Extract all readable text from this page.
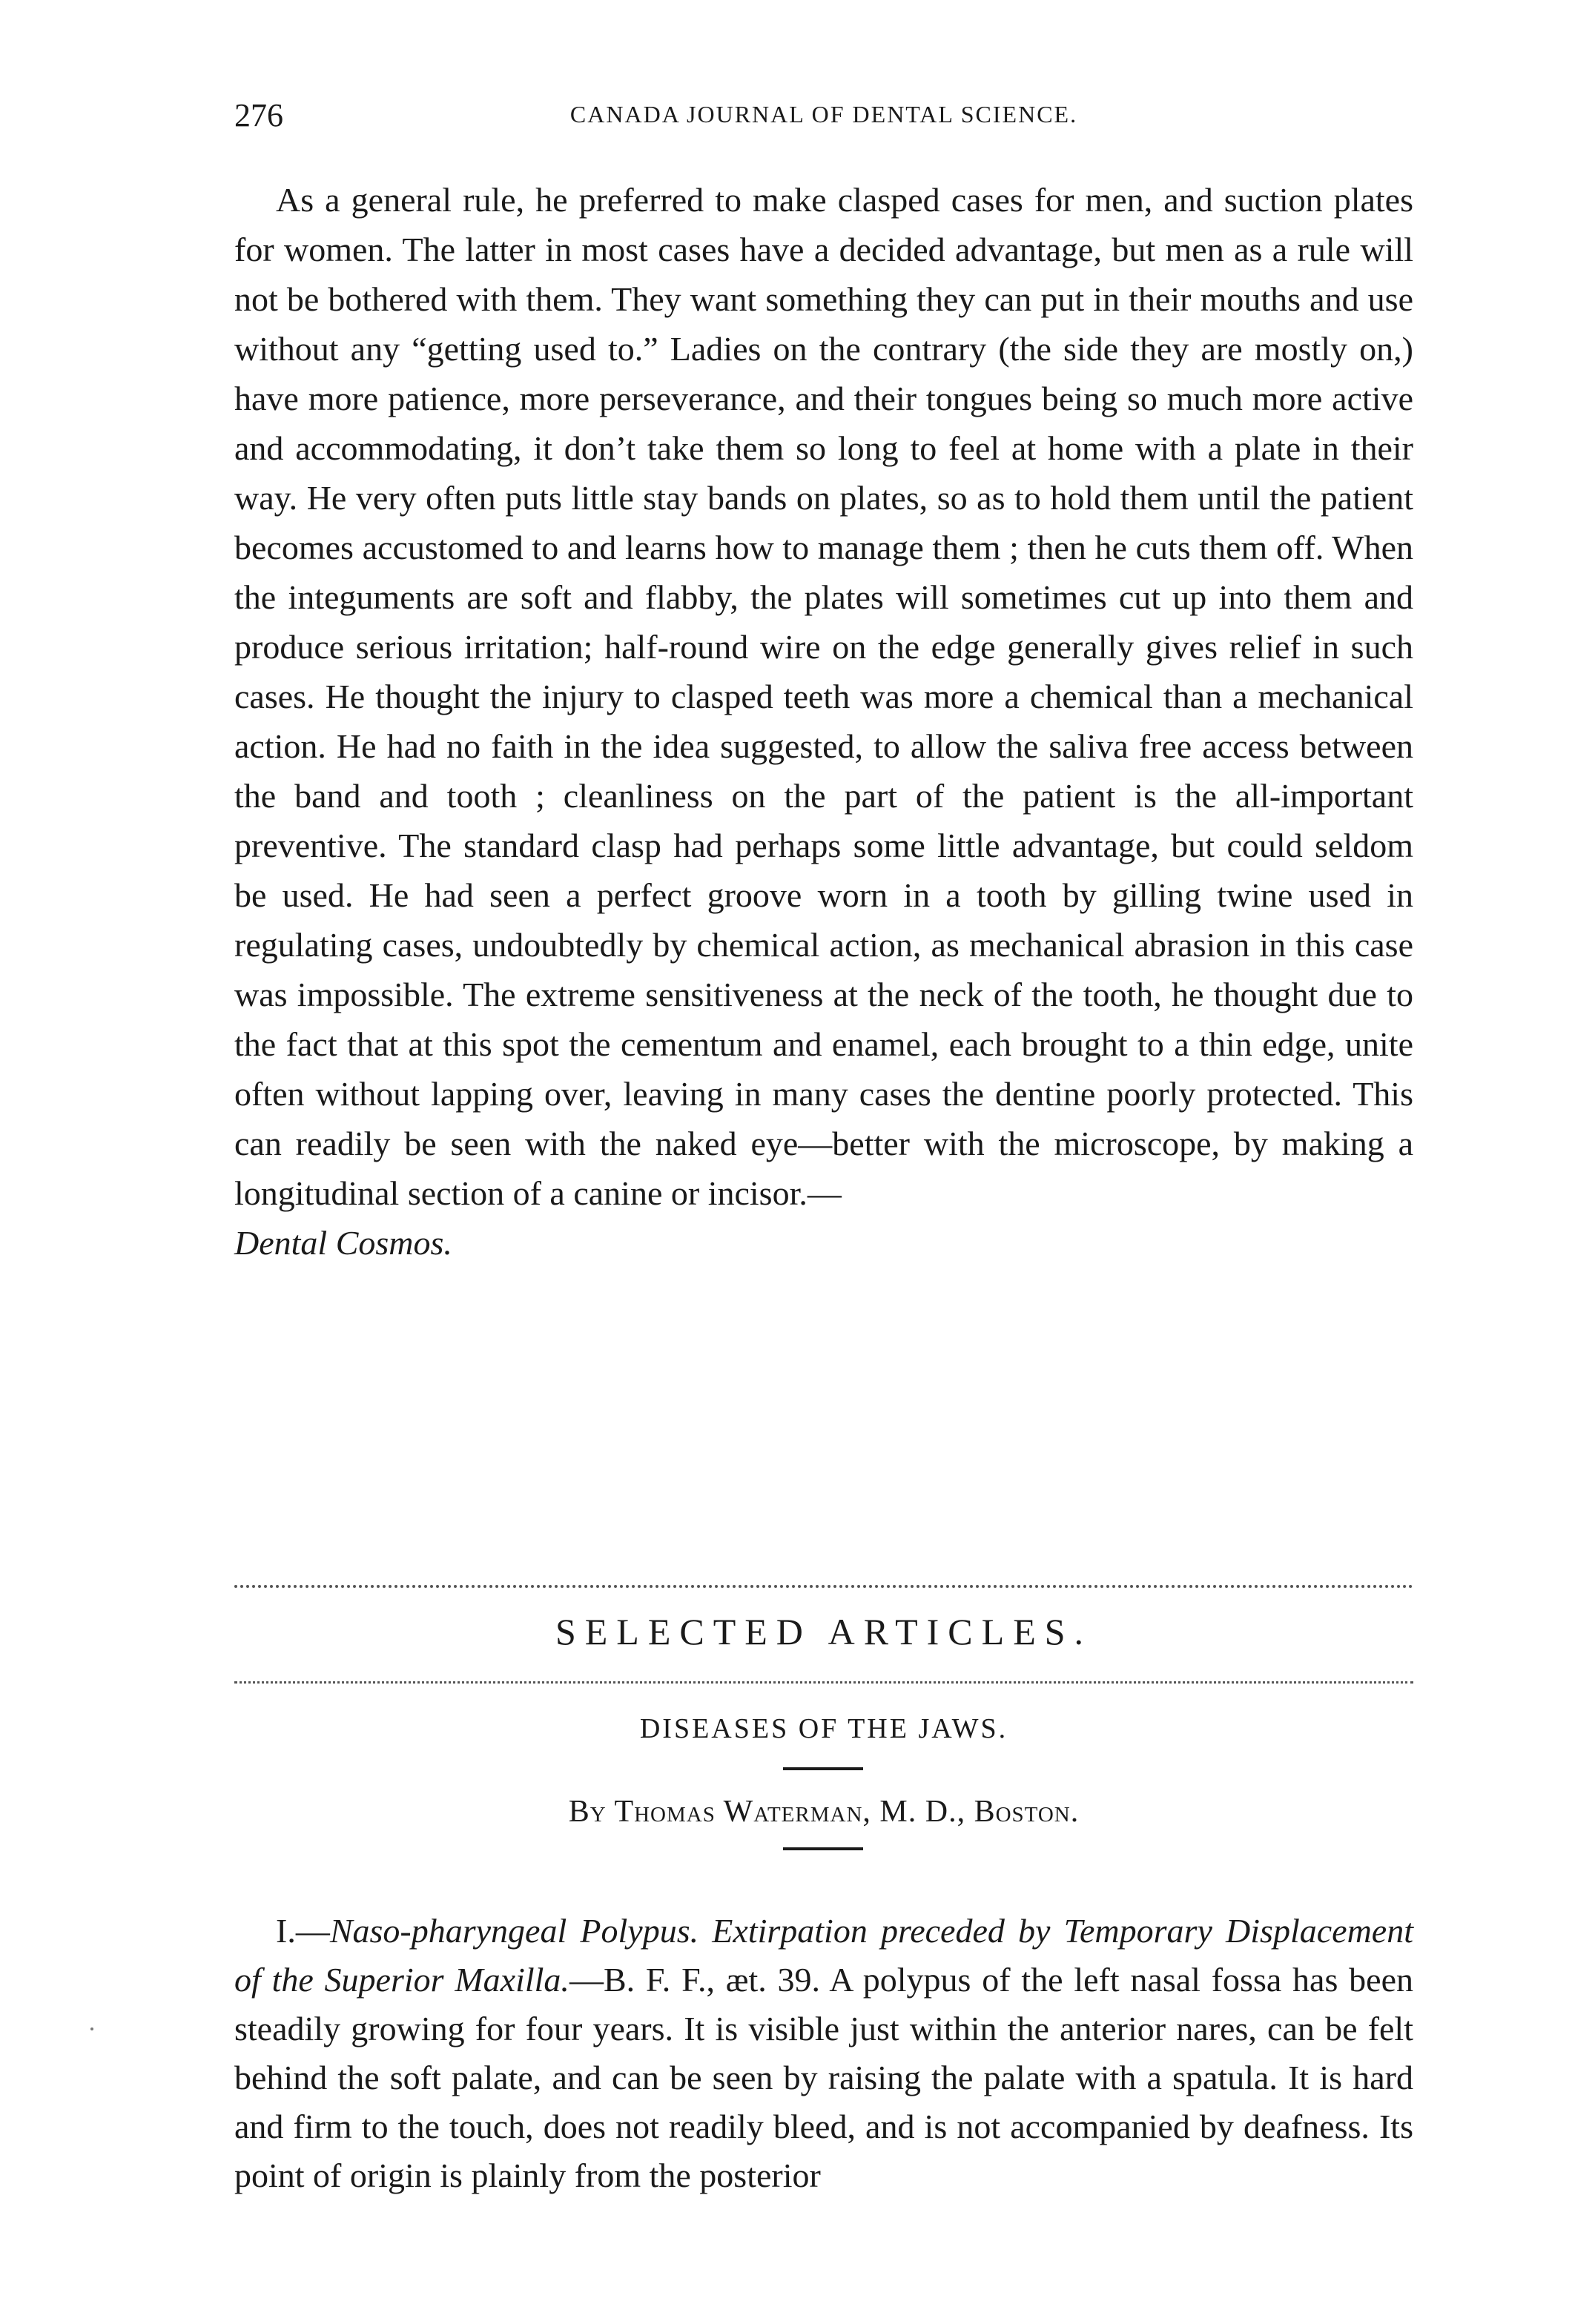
276	CANADA JOURNAL OF DENTAL SCIENCE.

As a general rule, he preferred to make clasped cases for men, and suction plates for women. The latter in most cases have a decided advantage, but men as a rule will not be bothered with them. They want something they can put in their mouths and use without any “getting used to.” Ladies on the contrary (the side they are mostly on,) have more patience, more perseverance, and their tongues being so much more active and accommodating, it don’t take them so long to feel at home with a plate in their way. He very often puts little stay bands on plates, so as to hold them until the patient becomes accustomed to and learns how to manage them ; then he cuts them off. When the integuments are soft and flabby, the plates will sometimes cut up into them and produce serious irritation; half-round wire on the edge generally gives relief in such cases. He thought the injury to clasped teeth was more a chemical than a mechanical action. He had no faith in the idea suggested, to allow the saliva free access between the band and tooth ; cleanliness on the part of the patient is the all-important preventive. The standard clasp had perhaps some little advantage, but could seldom be used. He had seen a perfect groove worn in a tooth by gilling twine used in regulating cases, undoubtedly by chemical action, as mechanical abrasion in this case was impossible. The extreme sensitiveness at the neck of the tooth, he thought due to the fact that at this spot the cementum and enamel, each brought to a thin edge, unite often without lapping over, leaving in many cases the dentine poorly protected. This can readily be seen with the naked eye—better with the microscope, by making a longitudinal section of a canine or incisor.—
Dental Cosmos.

SELECTED ARTICLES.
DISEASES OF THE JAWS.
By Thomas Waterman, M. D., Boston.

I.—Naso-pharyngeal Polypus. Extirpation preceded by Temporary Displacement of the Superior Maxilla.—B. F. F., æt. 39. A polypus of the left nasal fossa has been steadily growing for four years. It is visible just within the anterior nares, can be felt behind the soft palate, and can be seen by raising the palate with a spatula. It is hard and firm to the touch, does not readily bleed, and is not accompanied by deafness. Its point of origin is plainly from the posterior
